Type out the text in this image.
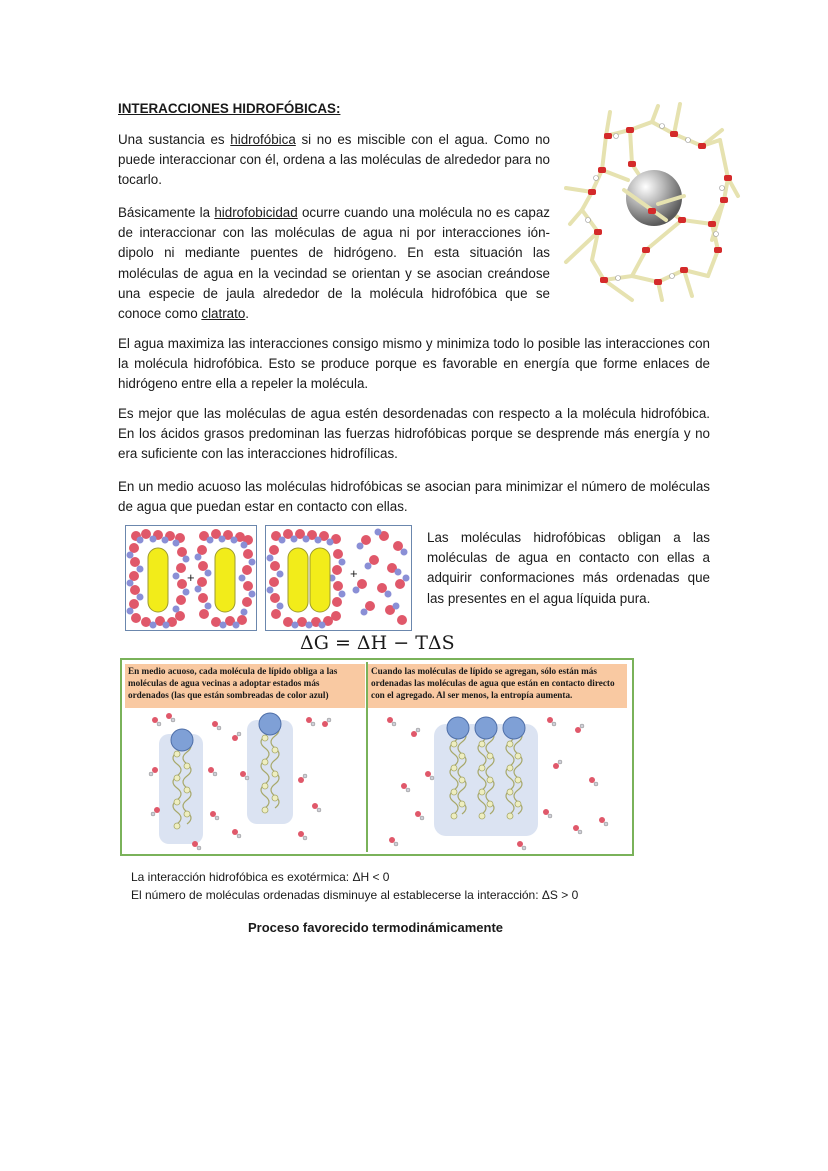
INTERACCIONES HIDROFÓBICAS:
Una sustancia es hidrofóbica si no es miscible con el agua. Como no puede interaccionar con él, ordena a las moléculas de alrededor para no tocarlo.
Básicamente la hidrofobicidad ocurre cuando una molécula no es capaz de interaccionar con las moléculas de agua ni por interacciones ión-dipolo ni mediante puentes de hidrógeno. En esta situación las moléculas de agua en la vecindad se orientan y se asocian creándose una especie de jaula alrededor de la molécula hidrofóbica que se conoce como clatrato.
El agua maximiza las interacciones consigo mismo y minimiza todo lo posible las interacciones con la molécula hidrofóbica. Esto se produce porque es favorable en energía que forme enlaces de hidrógeno entre ella a repeler la molécula.
Es mejor que las moléculas de agua estén desordenadas con respecto a la molécula hidrofóbica. En los ácidos grasos predominan las fuerzas hidrofóbicas porque se desprende más energía y no era suficiente con las interacciones hidrofílicas.
En un medio acuoso las moléculas hidrofóbicas se asocian para minimizar el número de moléculas de agua que puedan estar en contacto con ellas.
+	+
Las moléculas hidrofóbicas obligan a las moléculas de agua en contacto con ellas a adquirir conformaciones más ordenadas que las presentes en el agua líquida pura.
ΔG = ΔH − TΔS
En medio acuoso, cada molécula de lípido obliga a las moléculas de agua vecinas a adoptar estados más ordenados (las que están sombreadas de color azul)
Cuando las moléculas de lípido se agregan, sólo están más ordenadas las moléculas de agua que están en contacto directo con el agregado. Al ser menos, la entropía aumenta.
La interacción hidrofóbica es exotérmica: ΔH < 0
El número de moléculas ordenadas disminuye al establecerse la interacción: ΔS > 0
Proceso favorecido termodinámicamente
